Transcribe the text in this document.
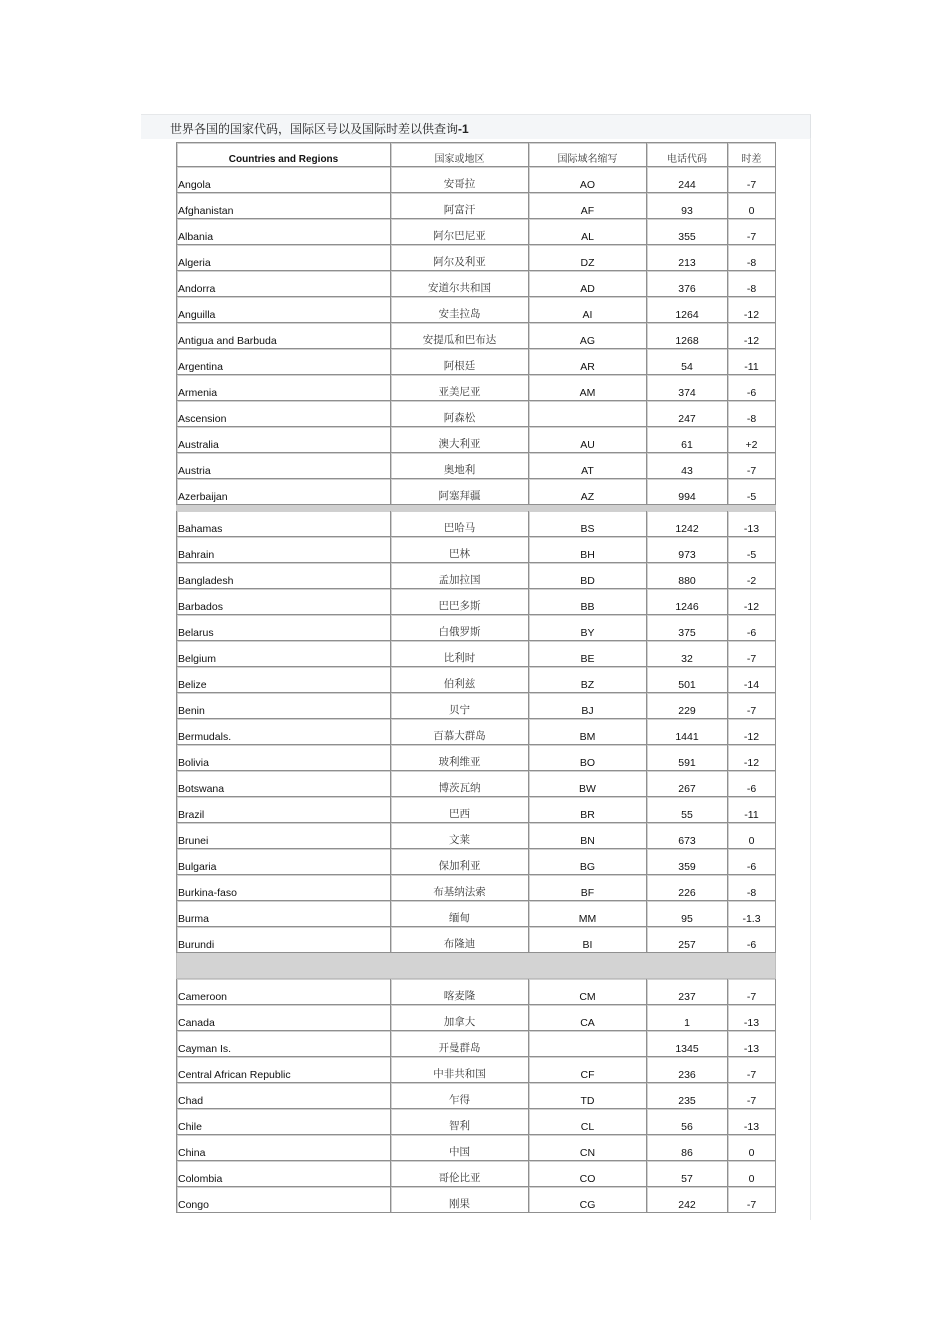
世界各国的国家代码，国际区号以及国际时差以供查询-1
Countries and Regions	国家或地区	国际域名缩写	电话代码	时差
Angola	安哥拉	AO	244	-7
Afghanistan	阿富汗	AF	93	0
Albania	阿尔巴尼亚	AL	355	-7
Algeria	阿尔及利亚	DZ	213	-8
Andorra	安道尔共和国	AD	376	-8
Anguilla	安圭拉岛	AI	1264	-12
Antigua and Barbuda	安提瓜和巴布达	AG	1268	-12
Argentina	阿根廷	AR	54	-11
Armenia	亚美尼亚	AM	374	-6
Ascension	阿森松		247	-8
Australia	澳大利亚	AU	61	+2
Austria	奥地利	AT	43	-7
Azerbaijan	阿塞拜疆	AZ	994	-5

Bahamas	巴哈马	BS	1242	-13
Bahrain	巴林	BH	973	-5
Bangladesh	孟加拉国	BD	880	-2
Barbados	巴巴多斯	BB	1246	-12
Belarus	白俄罗斯	BY	375	-6
Belgium	比利时	BE	32	-7
Belize	伯利兹	BZ	501	-14
Benin	贝宁	BJ	229	-7
Bermudals.	百慕大群岛	BM	1441	-12
Bolivia	玻利维亚	BO	591	-12
Botswana	博茨瓦纳	BW	267	-6
Brazil	巴西	BR	55	-11
Brunei	文莱	BN	673	0
Bulgaria	保加利亚	BG	359	-6
Burkina-faso	布基纳法索	BF	226	-8
Burma	缅甸	MM	95	-1.3
Burundi	布隆迪	BI	257	-6

Cameroon	喀麦隆	CM	237	-7
Canada	加拿大	CA	1	-13
Cayman Is.	开曼群岛		1345	-13
Central African Republic	中非共和国	CF	236	-7
Chad	乍得	TD	235	-7
Chile	智利	CL	56	-13
China	中国	CN	86	0
Colombia	哥伦比亚	CO	57	0
Congo	刚果	CG	242	-7
